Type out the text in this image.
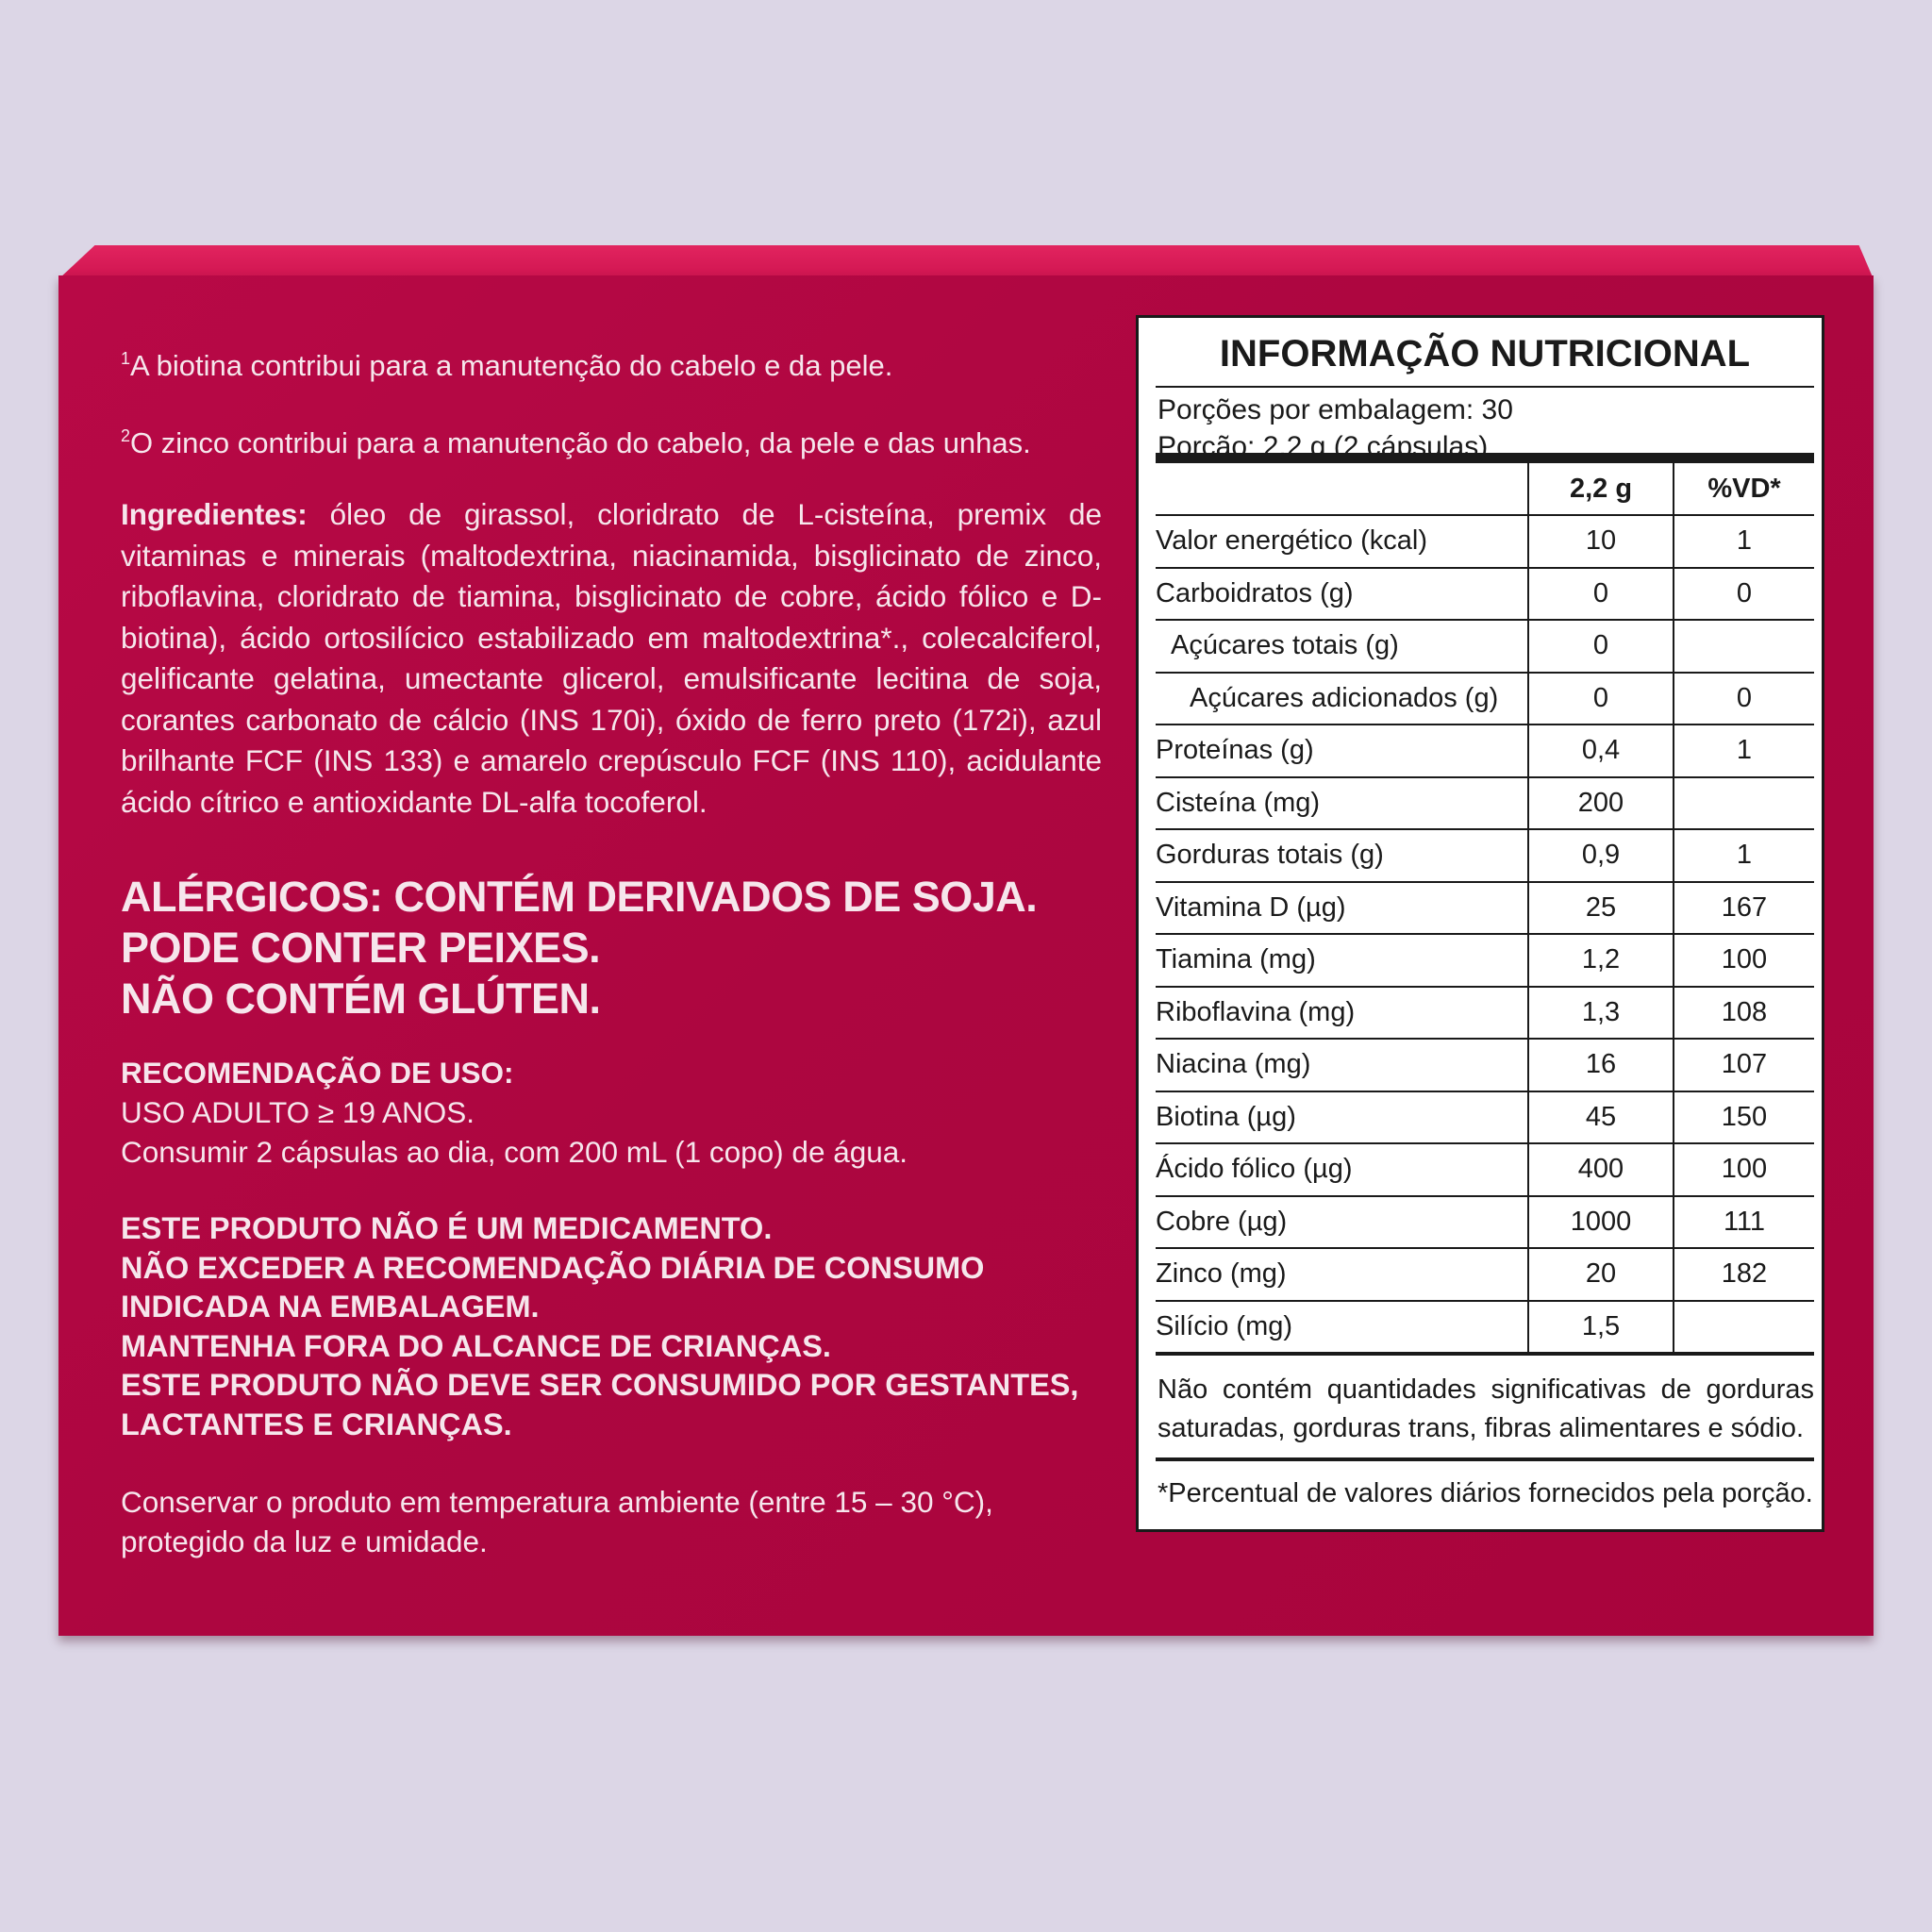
$^1$A biotina contribui para a manutenção do cabelo e da pele.
$^2$O zinco contribui para a manutenção do cabelo, da pele e das unhas.
Ingredientes: óleo de girassol, cloridrato de L-cisteína, premix de vitaminas e minerais (maltodextrina, niacinamida, bisglicinato de zinco, riboflavina, cloridrato de tiamina, bisglicinato de cobre, ácido fólico e D-biotina), ácido ortosilícico estabilizado em maltodextrina*., colecalciferol, gelificante gelatina, umectante glicerol, emulsificante lecitina de soja, corantes carbonato de cálcio (INS 170i), óxido de ferro preto (172i), azul brilhante FCF (INS 133) e amarelo crepúsculo FCF (INS 110), acidulante ácido cítrico e antioxidante DL-alfa tocoferol.
ALÉRGICOS: CONTÉM DERIVADOS DE SOJA.
PODE CONTER PEIXES.
NÃO CONTÉM GLÚTEN.
RECOMENDAÇÃO DE USO:
USO ADULTO ≥ 19 ANOS.
Consumir 2 cápsulas ao dia, com 200 mL (1 copo) de água.
ESTE PRODUTO NÃO É UM MEDICAMENTO.
NÃO EXCEDER A RECOMENDAÇÃO DIÁRIA DE CONSUMO
INDICADA NA EMBALAGEM.
MANTENHA FORA DO ALCANCE DE CRIANÇAS.
ESTE PRODUTO NÃO DEVE SER CONSUMIDO POR GESTANTES,
LACTANTES E CRIANÇAS.
Conservar o produto em temperatura ambiente (entre 15 – 30 °C),
protegido da luz e umidade.
INFORMAÇÃO NUTRICIONAL
Porções por embalagem: 30
Porção: 2,2 g (2 cápsulas)
	2,2 g	%VD*
Valor energético (kcal)	10	1
Carboidratos (g)	0	0
Açúcares totais (g)	0	
Açúcares adicionados (g)	0	0
Proteínas (g)	0,4	1
Cisteína (mg)	200	
Gorduras totais (g)	0,9	1
Vitamina D (µg)	25	167
Tiamina (mg)	1,2	100
Riboflavina (mg)	1,3	108
Niacina (mg)	16	107
Biotina (µg)	45	150
Ácido fólico (µg)	400	100
Cobre (µg)	1000	111
Zinco (mg)	20	182
Silício (mg)	1,5	
Não contém quantidades significativas de gorduras saturadas, gorduras trans, fibras alimentares e sódio.
*Percentual de valores diários fornecidos pela porção.
